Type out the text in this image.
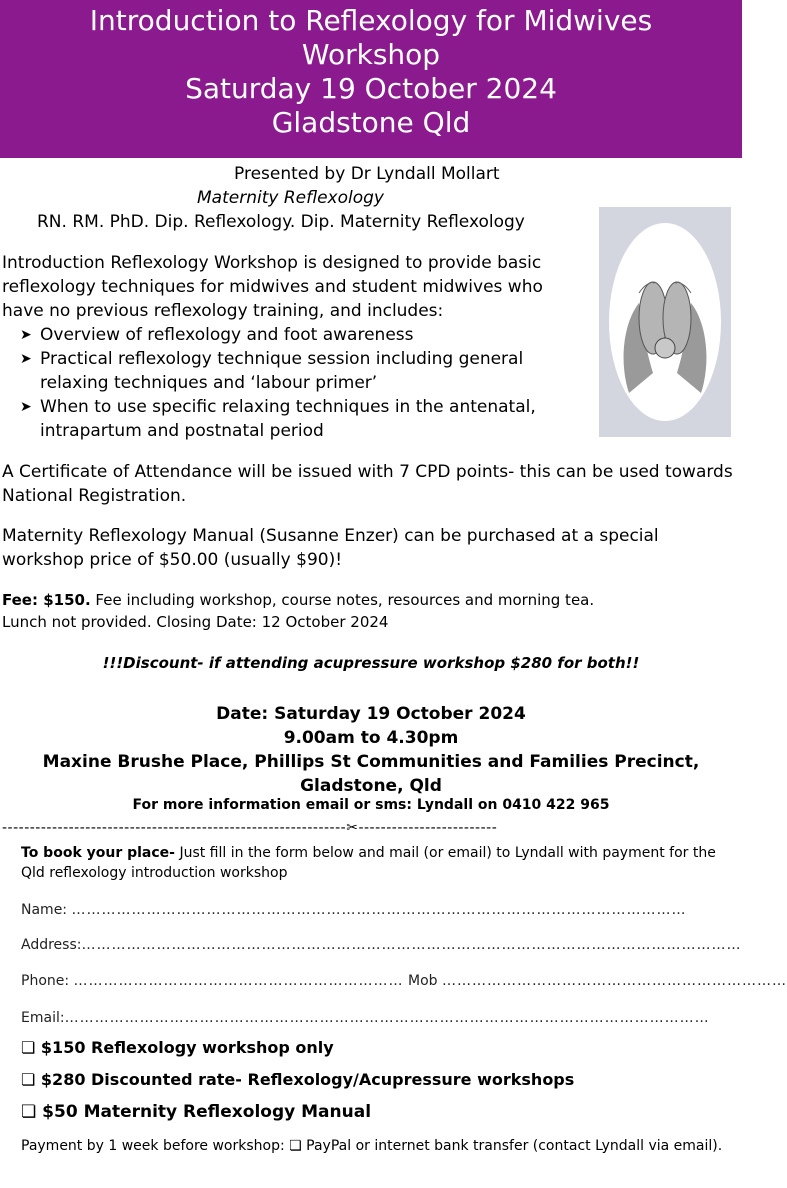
Introduction to Reflexology for Midwives
Workshop
Saturday 19 October 2024
Gladstone Qld
Presented by Dr Lyndall Mollart
Maternity Reflexology
RN. RM. PhD. Dip. Reflexology. Dip. Maternity Reflexology
Introduction Reflexology Workshop is designed to provide basic reflexology techniques for midwives and student midwives who have no previous reflexology training, and includes:
➤ Overview of reflexology and foot awareness
➤ Practical reflexology technique session including general relaxing techniques and ‘labour primer’
➤ When to use specific relaxing techniques in the antenatal, intrapartum and postnatal period
A Certificate of Attendance will be issued with 7 CPD points- this can be used towards National Registration.
Maternity Reflexology Manual (Susanne Enzer) can be purchased at a special workshop price of $50.00 (usually $90)!
Fee: $150. Fee including workshop, course notes, resources and morning tea.
Lunch not provided. Closing Date: 12 October 2024
!!!Discount- if attending acupressure workshop $280 for both!!
Date: Saturday 19 October 2024
9.00am to 4.30pm
Maxine Brushe Place, Phillips St Communities and Families Precinct,
Gladstone, Qld
For more information email or sms: Lyndall on 0410 422 965
--------------------------------------------------------------✂-------------------------
To book your place- Just fill in the form below and mail (or email) to Lyndall with payment for the Qld reflexology introduction workshop
Name: ……………………………………………………………………………………………………………
Address:……………………………………………………………………………………………………………………
Phone: ………………………………………………………… Mob ……………………………………………………………
Email:…………………………………………………………………………………………………………………
❏ $150 Reflexology workshop only
❏ $280 Discounted rate- Reflexology/Acupressure workshops
❏ $50 Maternity Reflexology Manual
Payment by 1 week before workshop: ❏ PayPal or internet bank transfer (contact Lyndall via email).
